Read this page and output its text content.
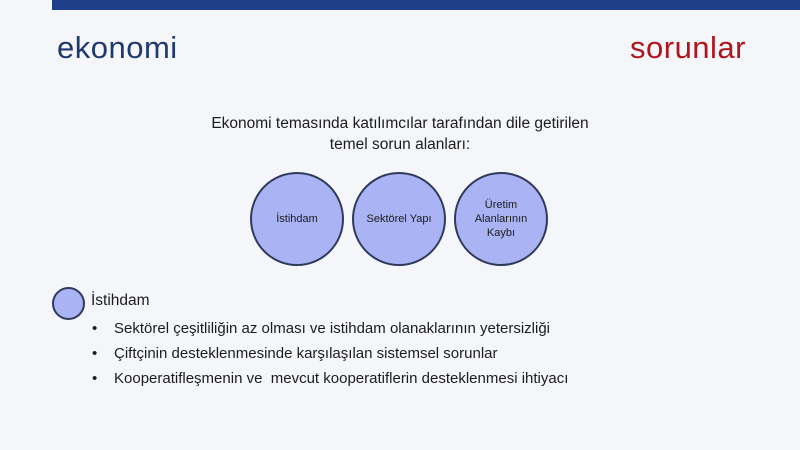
ekonomi	sorunlar
Ekonomi temasında katılımcılar tarafından dile getirilen
temel sorun alanları:
İstihdam	Sektörel Yapı
Üretim
Alanlarının
Kaybı
İstihdam
• Sektörel çeşitliliğin az olması ve istihdam olanaklarının yetersizliği
• Çiftçinin desteklenmesinde karşılaşılan sistemsel sorunlar
• Kooperatifleşmenin ve  mevcut kooperatiflerin desteklenmesi ihtiyacı
